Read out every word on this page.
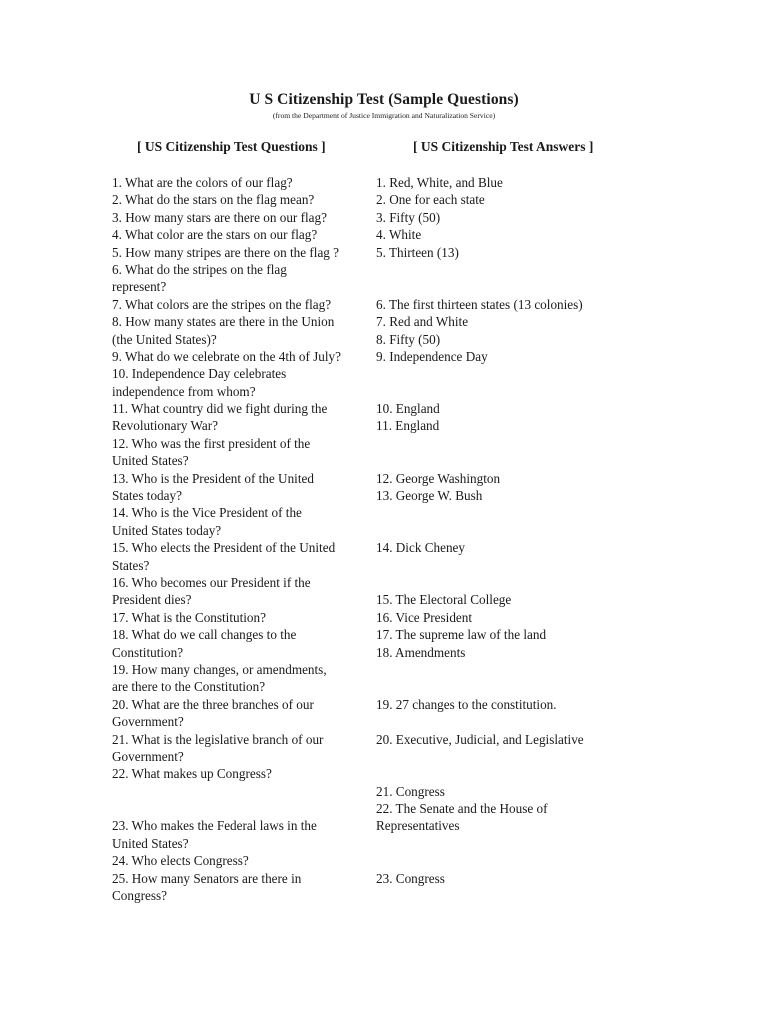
U S Citizenship Test (Sample Questions)
(from the Department of Justice Immigration and Naturalization Service)
[ US Citizenship Test Questions ]	[ US Citizenship Test Answers ]
1. What are the colors of our flag?
2. What do the stars on the flag mean?
3. How many stars are there on our flag?
4. What color are the stars on our flag?
5. How many stripes are there on the flag ?
6. What do the stripes on the flag
represent?
7. What colors are the stripes on the flag?
8. How many states are there in the Union
(the United States)?
9. What do we celebrate on the 4th of July?
10. Independence Day celebrates
independence from whom?
11. What country did we fight during the
Revolutionary War?
12. Who was the first president of the
United States?
13. Who is the President of the United
States today?
14. Who is the Vice President of the
United States today?
15. Who elects the President of the United
States?
16. Who becomes our President if the
President dies?
17. What is the Constitution?
18. What do we call changes to the
Constitution?
19. How many changes, or amendments,
are there to the Constitution?
20. What are the three branches of our
Government?
21. What is the legislative branch of our
Government?
22. What makes up Congress?
23. Who makes the Federal laws in the
United States?
24. Who elects Congress?
25. How many Senators are there in
Congress?
1. Red, White, and Blue
2. One for each state
3. Fifty (50)
4. White
5. Thirteen (13)
6. The first thirteen states (13 colonies)
7. Red and White
8. Fifty (50)
9. Independence Day
10. England
11. England
12. George Washington
13. George W. Bush
14. Dick Cheney
15. The Electoral College
16. Vice President
17. The supreme law of the land
18. Amendments
19. 27 changes to the constitution.
20. Executive, Judicial, and Legislative
21. Congress
22. The Senate and the House of
Representatives
23. Congress
